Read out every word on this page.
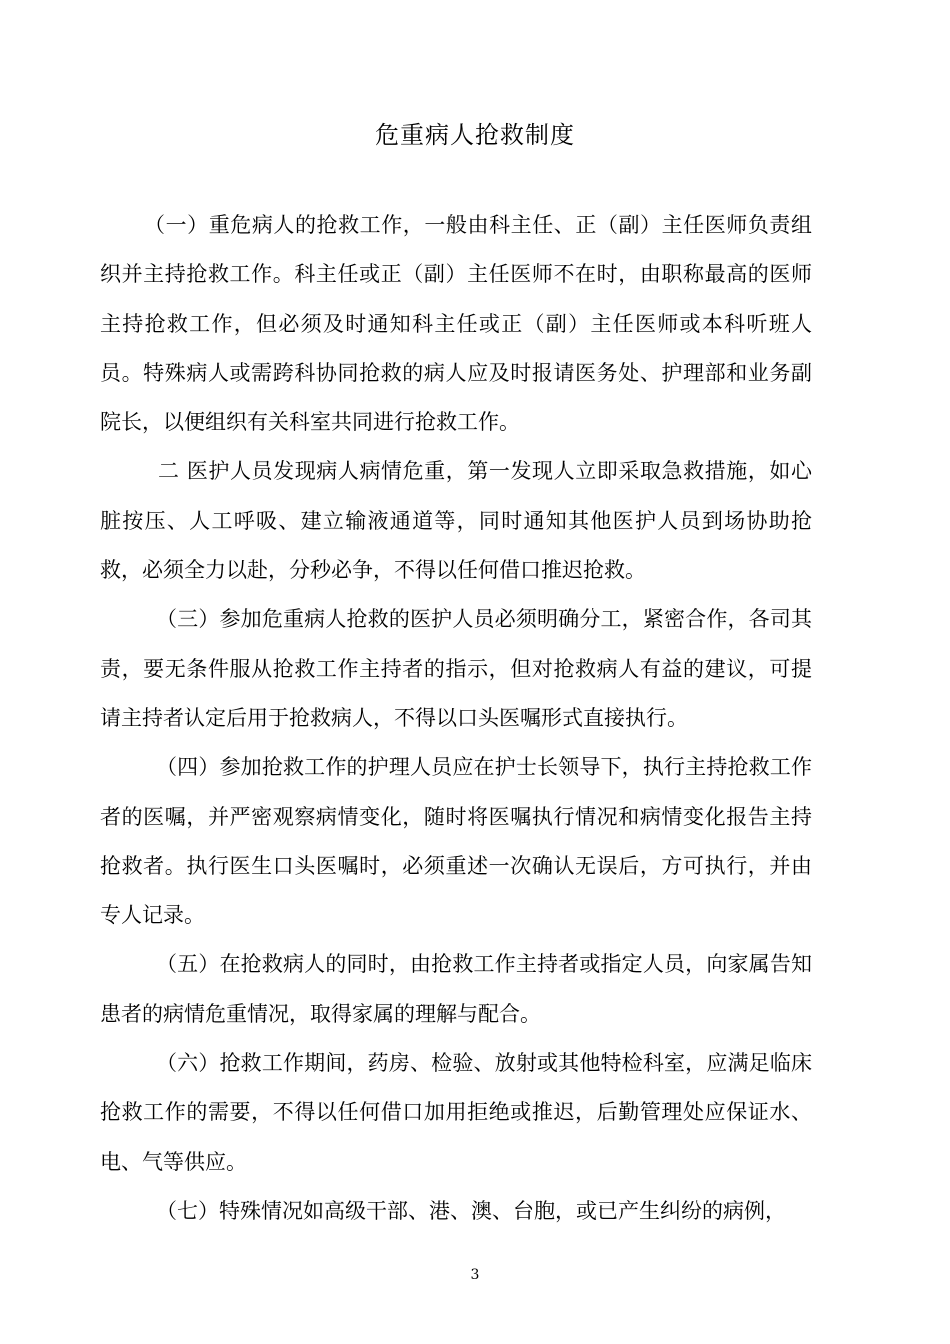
危重病人抢救制度

（一）重危病人的抢救工作，一般由科主任、正（副）主任医师负责组织并主持抢救工作。科主任或正（副）主任医师不在时，由职称最高的医师主持抢救工作，但必须及时通知科主任或正（副）主任医师或本科听班人员。特殊病人或需跨科协同抢救的病人应及时报请医务处、护理部和业务副院长，以便组织有关科室共同进行抢救工作。

二 医护人员发现病人病情危重，第一发现人立即采取急救措施，如心脏按压、人工呼吸、建立输液通道等，同时通知其他医护人员到场协助抢救，必须全力以赴，分秒必争，不得以任何借口推迟抢救。

（三）参加危重病人抢救的医护人员必须明确分工，紧密合作，各司其责，要无条件服从抢救工作主持者的指示，但对抢救病人有益的建议，可提请主持者认定后用于抢救病人，不得以口头医嘱形式直接执行。

（四）参加抢救工作的护理人员应在护士长领导下，执行主持抢救工作者的医嘱，并严密观察病情变化，随时将医嘱执行情况和病情变化报告主持抢救者。执行医生口头医嘱时，必须重述一次确认无误后，方可执行，并由专人记录。

（五）在抢救病人的同时，由抢救工作主持者或指定人员，向家属告知患者的病情危重情况，取得家属的理解与配合。

（六）抢救工作期间，药房、检验、放射或其他特检科室，应满足临床抢救工作的需要，不得以任何借口加用拒绝或推迟，后勤管理处应保证水、电、气等供应。

（七）特殊情况如高级干部、港、澳、台胞，或已产生纠纷的病例，

3
